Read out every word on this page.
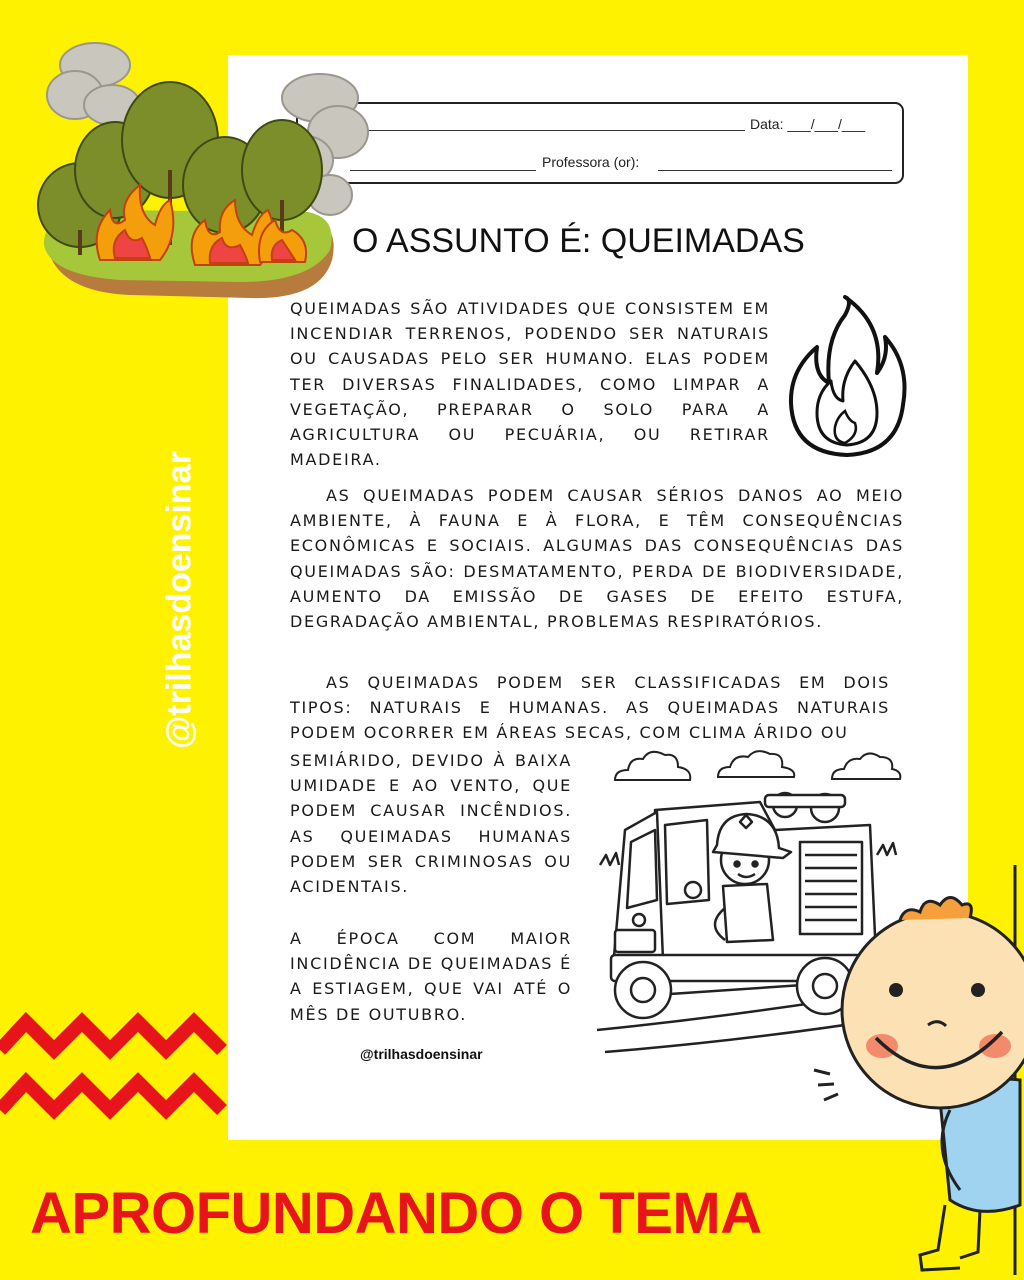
Data: ___/___/___
Professora (or):
O ASSUNTO É: QUEIMADAS

QUEIMADAS SÃO ATIVIDADES QUE CONSISTEM EM INCENDIAR TERRENOS, PODENDO SER NATURAIS OU CAUSADAS PELO SER HUMANO. ELAS PODEM TER DIVERSAS FINALIDADES, COMO LIMPAR A VEGETAÇÃO, PREPARAR O SOLO PARA A AGRICULTURA OU PECUÁRIA, OU RETIRAR MADEIRA.

AS QUEIMADAS PODEM CAUSAR SÉRIOS DANOS AO MEIO AMBIENTE, À FAUNA E À FLORA, E TÊM CONSEQUÊNCIAS ECONÔMICAS E SOCIAIS. ALGUMAS DAS CONSEQUÊNCIAS DAS QUEIMADAS SÃO: DESMATAMENTO, PERDA DE BIODIVERSIDADE, AUMENTO DA EMISSÃO DE GASES DE EFEITO ESTUFA, DEGRADAÇÃO AMBIENTAL, PROBLEMAS RESPIRATÓRIOS.

AS QUEIMADAS PODEM SER CLASSIFICADAS EM DOIS TIPOS: NATURAIS E HUMANAS. AS QUEIMADAS NATURAIS PODEM OCORRER EM ÁREAS SECAS, COM CLIMA ÁRIDO OU

SEMIÁRIDO, DEVIDO À BAIXA UMIDADE E AO VENTO, QUE PODEM CAUSAR INCÊNDIOS. AS QUEIMADAS HUMANAS PODEM SER CRIMINOSAS OU ACIDENTAIS.

A ÉPOCA COM MAIOR INCIDÊNCIA DE QUEIMADAS É A ESTIAGEM, QUE VAI ATÉ O MÊS DE OUTUBRO.

@trilhasdoensinar
@trilhasdoensinar
APROFUNDANDO O TEMA
